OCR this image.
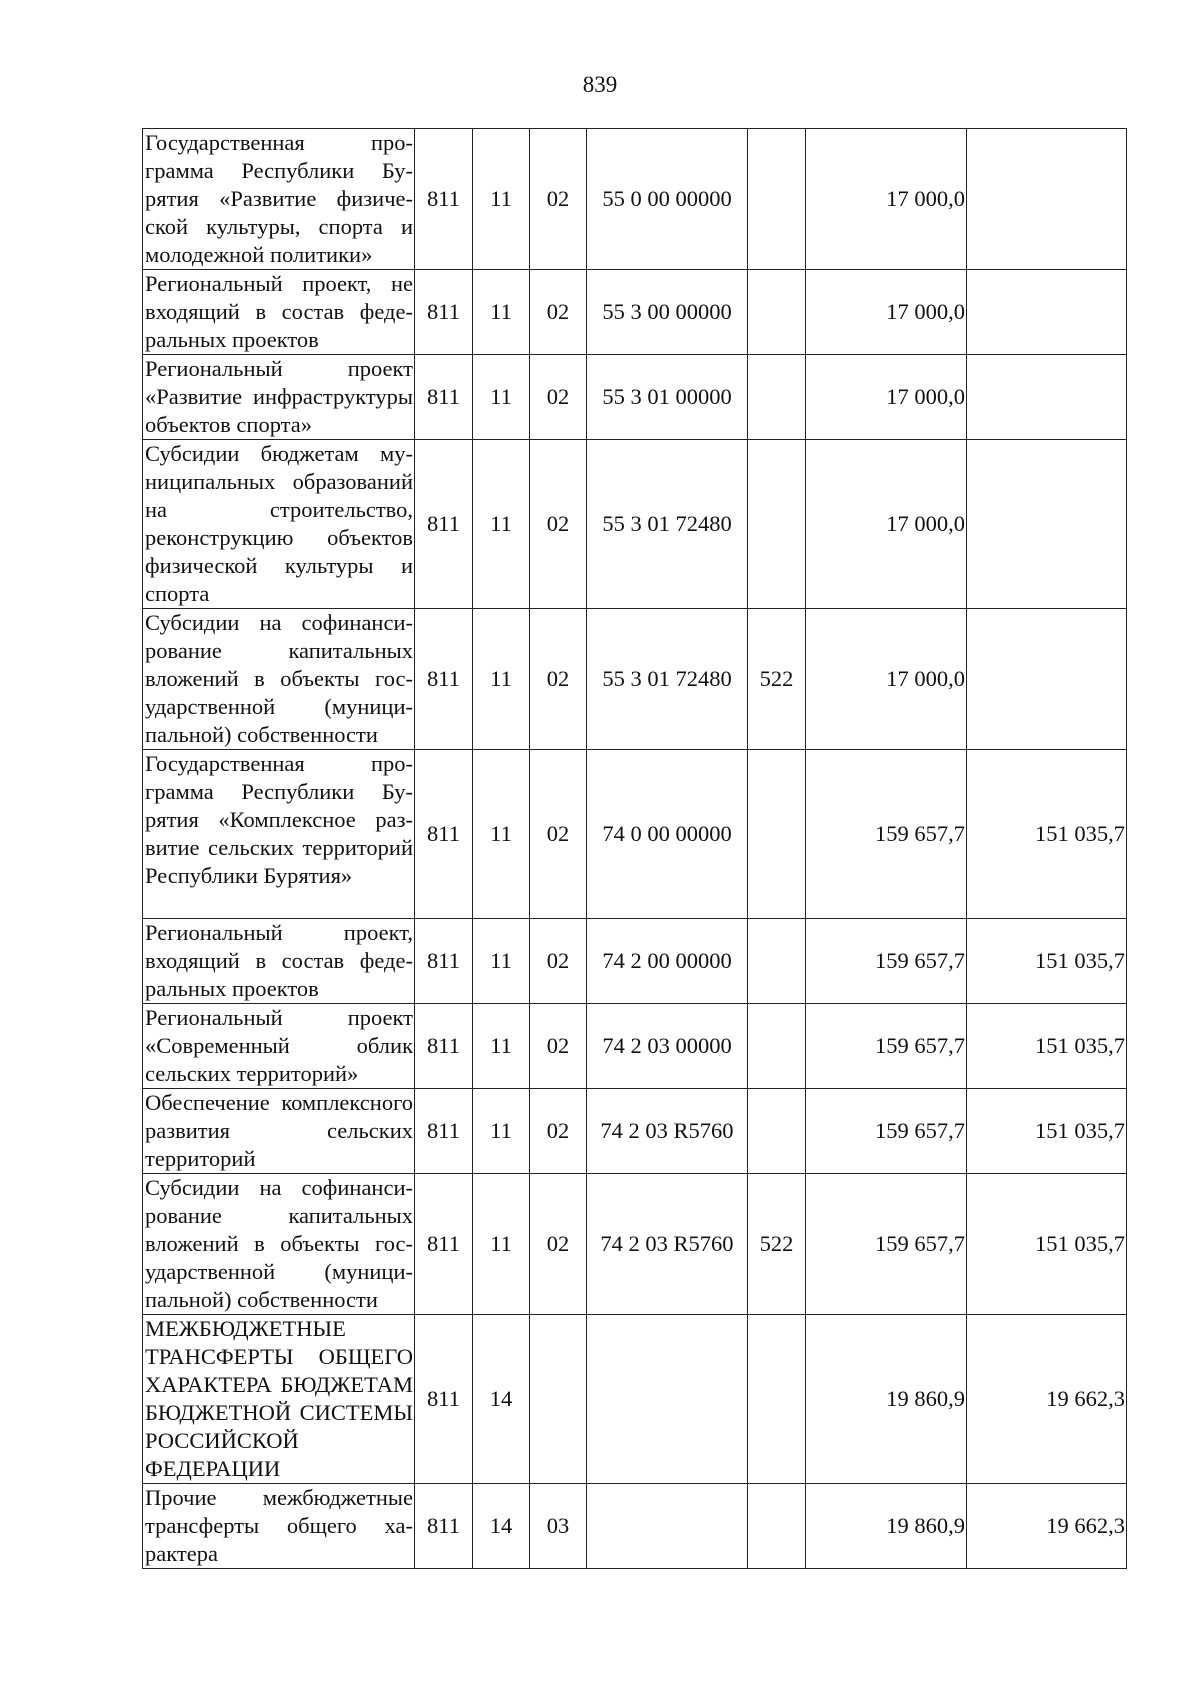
839
Государственная программа Республики Бурятия «Развитие физической культуры, спорта и молодежной политики»	811	11	02	55 0 00 00000		17 000,0	
Региональный проект, не входящий в состав федеральных проектов	811	11	02	55 3 00 00000		17 000,0	
Региональный проект «Развитие инфраструктуры объектов спорта»	811	11	02	55 3 01 00000		17 000,0	
Субсидии бюджетам муниципальных образований на строительство, реконструкцию объектов физической культуры и спорта	811	11	02	55 3 01 72480		17 000,0	
Субсидии на софинансирование капитальных вложений в объекты государственной (муниципальной) собственности	811	11	02	55 3 01 72480	522	17 000,0	
Государственная программа Республики Бурятия «Комплексное развитие сельских территорий Республики Бурятия»	811	11	02	74 0 00 00000		159 657,7	151 035,7
Региональный проект, входящий в состав федеральных проектов	811	11	02	74 2 00 00000		159 657,7	151 035,7
Региональный проект «Современный облик сельских территорий»	811	11	02	74 2 03 00000		159 657,7	151 035,7
Обеспечение комплексного развития сельских территорий	811	11	02	74 2 03 R5760		159 657,7	151 035,7
Субсидии на софинансирование капитальных вложений в объекты государственной (муниципальной) собственности	811	11	02	74 2 03 R5760	522	159 657,7	151 035,7
МЕЖБЮДЖЕТНЫЕ ТРАНСФЕРТЫ ОБЩЕГО ХАРАКТЕРА БЮДЖЕТАМ БЮДЖЕТНОЙ СИСТЕМЫ РОССИЙСКОЙ ФЕДЕРАЦИИ	811	14				19 860,9	19 662,3
Прочие межбюджетные трансферты общего характера	811	14	03			19 860,9	19 662,3
